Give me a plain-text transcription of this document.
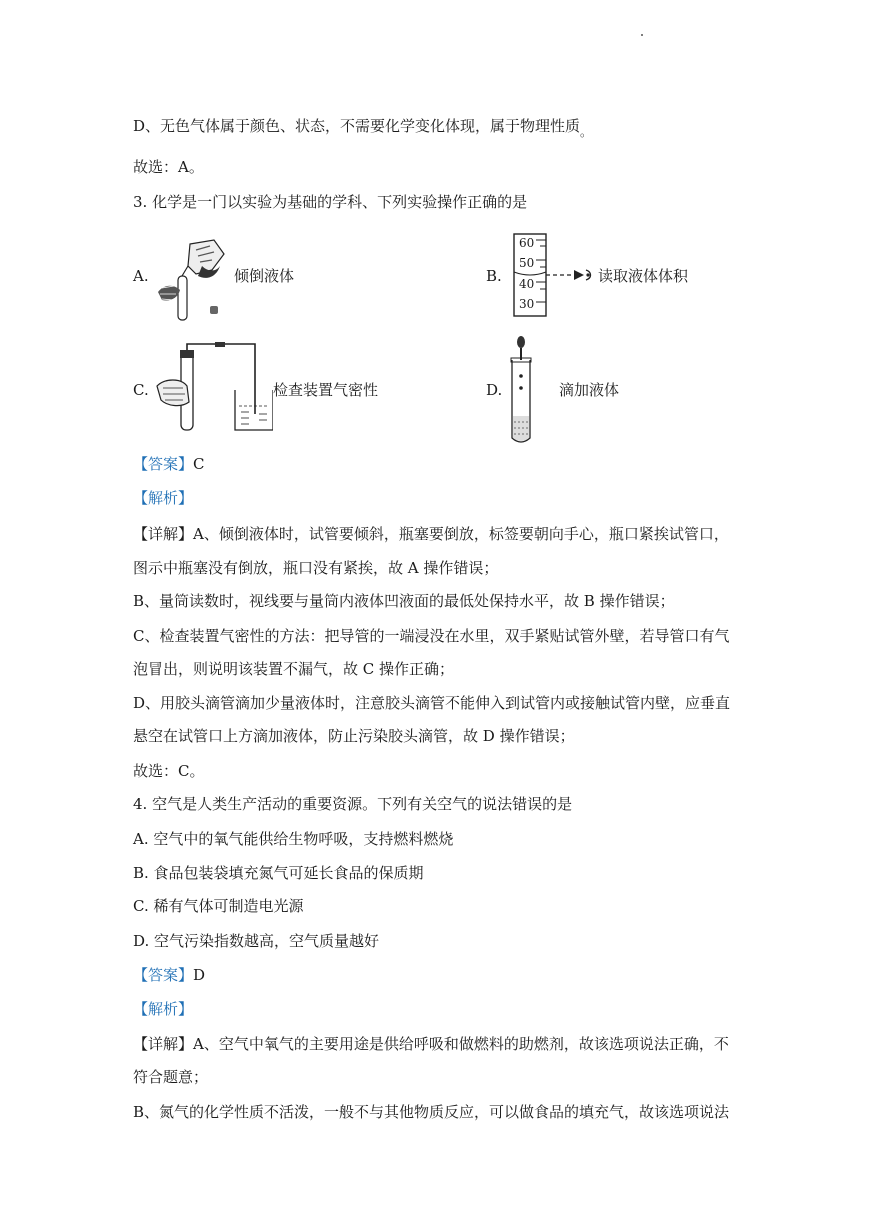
D、无色气体属于颜色、状态，不需要化学变化体现，属于物理性质$_。$
故选：A。
3. 化学是一门以实验为基础的学科、下列实验操作正确的是
A.	倾倒液体	B.
60
50
40
30
读取液体体积
C.	检查装置气密性	D.	滴加液体
【答案】C
【解析】
【详解】A、倾倒液体时，试管要倾斜，瓶塞要倒放，标签要朝向手心，瓶口紧挨试管口，
图示中瓶塞没有倒放，瓶口没有紧挨，故 A 操作错误；
B、量筒读数时，视线要与量筒内液体凹液面的最低处保持水平，故 B 操作错误；
C、检查装置气密性的方法：把导管的一端浸没在水里，双手紧贴试管外壁，若导管口有气
泡冒出，则说明该装置不漏气，故 C 操作正确；
D、用胶头滴管滴加少量液体时，注意胶头滴管不能伸入到试管内或接触试管内壁，应垂直
悬空在试管口上方滴加液体，防止污染胶头滴管，故 D 操作错误；
故选：C。
4. 空气是人类生产活动的重要资源。下列有关空气的说法错误的是
A. 空气中的氧气能供给生物呼吸，支持燃料燃烧
B. 食品包装袋填充氮气可延长食品的保质期
C. 稀有气体可制造电光源
D. 空气污染指数越高，空气质量越好
【答案】D
【解析】
【详解】A、空气中氧气的主要用途是供给呼吸和做燃料的助燃剂，故该选项说法正确，不
符合题意；
B、氮气的化学性质不活泼，一般不与其他物质反应，可以做食品的填充气，故该选项说法
